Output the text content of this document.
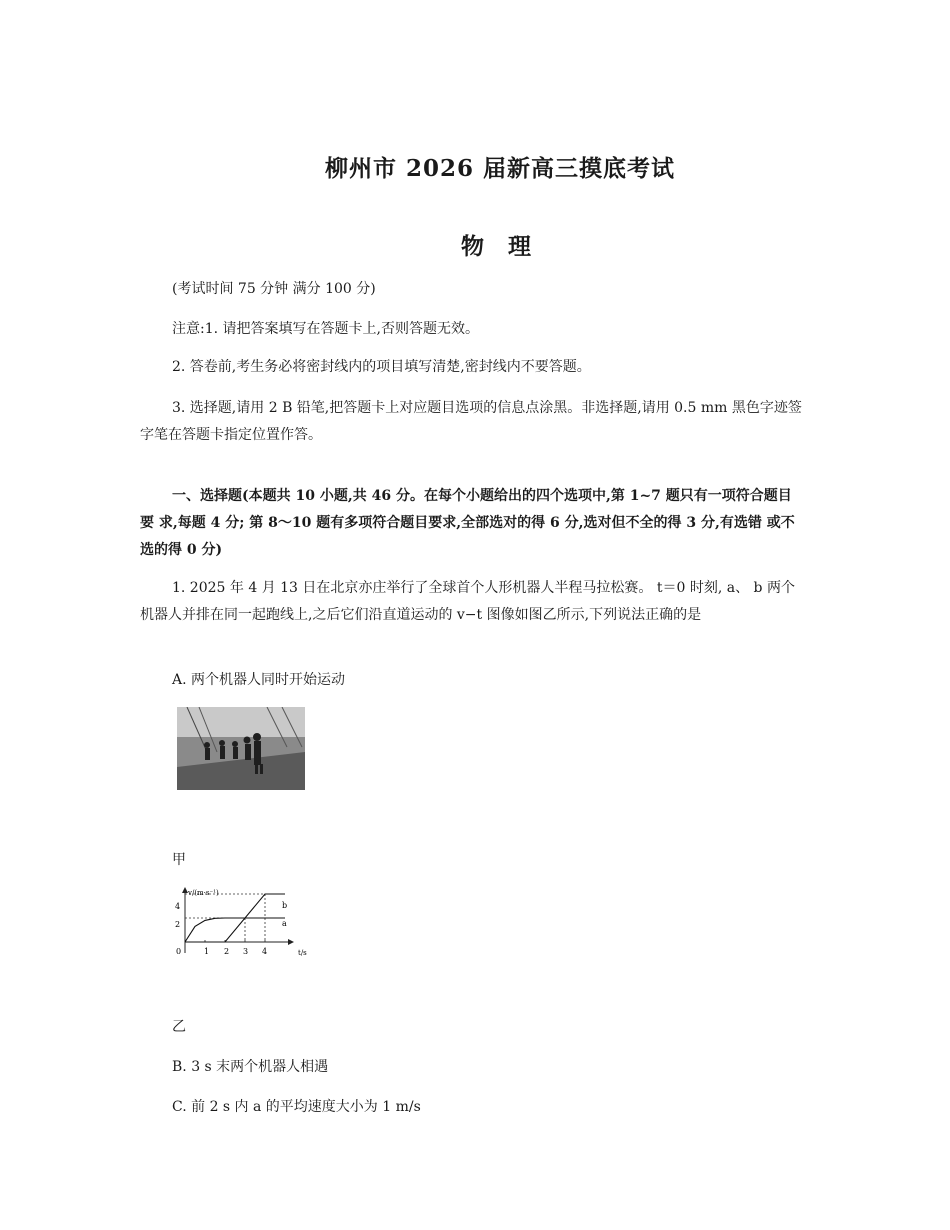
柳州市 2026 届新高三摸底考试
物 理

(考试时间 75 分钟 满分 100 分)

注意:1. 请把答案填写在答题卡上,否则答题无效。

2. 答卷前,考生务必将密封线内的项目填写清楚,密封线内不要答题。

3. 选择题,请用 2 B 铅笔,把答题卡上对应题目选项的信息点涂黑。非选择题,请用 0.5 mm 黑色字迹签字笔在答题卡指定位置作答。

一、选择题(本题共 10 小题,共 46 分。在每个小题给出的四个选项中,第 1~7 题只有一项符合题目要 求,每题 4 分; 第 8～10 题有多项符合题目要求,全部选对的得 6 分,选对但不全的得 3 分,有选错 或不选的得 0 分)

1. 2025 年 4 月 13 日在北京亦庄举行了全球首个人形机器人半程马拉松赛。 t＝0 时刻, a、 b 两个机器人并排在同一起跑线上,之后它们沿直道运动的 v−t 图像如图乙所示,下列说法正确的是

A. 两个机器人同时开始运动

甲

v/(m·s⁻¹)
t/s
4
2
0	1 2 3 4
b
a

乙

B. 3 s 末两个机器人相遇

C. 前 2 s 内 a 的平均速度大小为 1 m/s
